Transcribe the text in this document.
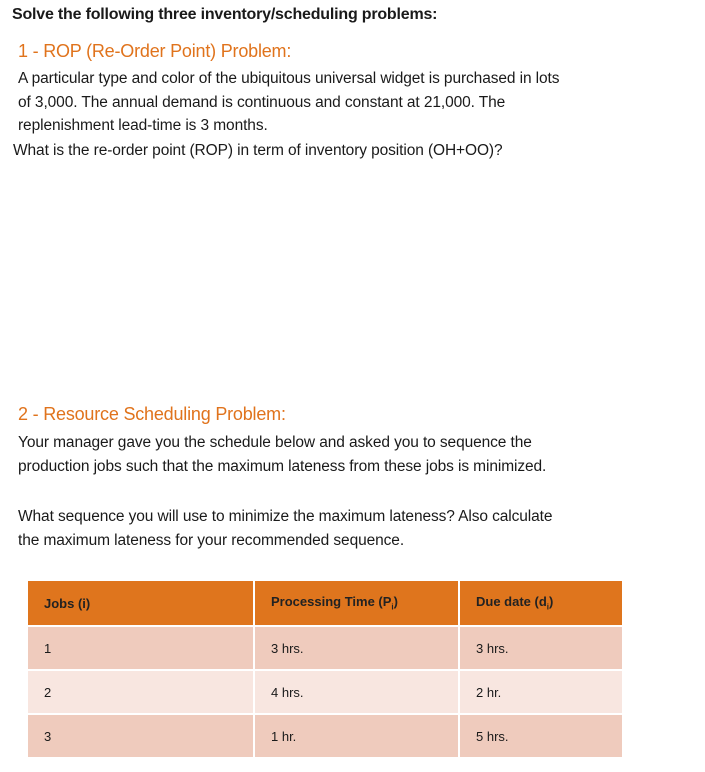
Solve the following three inventory/scheduling problems:
1 - ROP (Re-Order Point) Problem:
A particular type and color of the ubiquitous universal widget is purchased in lots
of 3,000. The annual demand is continuous and constant at 21,000. The
replenishment lead-time is 3 months.
What is the re-order point (ROP) in term of inventory position (OH+OO)?
2 - Resource Scheduling Problem:
Your manager gave you the schedule below and asked you to sequence the
production jobs such that the maximum lateness from these jobs is minimized.
What sequence you will use to minimize the maximum lateness? Also calculate
the maximum lateness for your recommended sequence.
Jobs (i)	Processing Time $(P_i)$	Due date $(d_i)$
1	3 hrs.	3 hrs.
2	4 hrs.	2 hr.
3	1 hr.	5 hrs.
